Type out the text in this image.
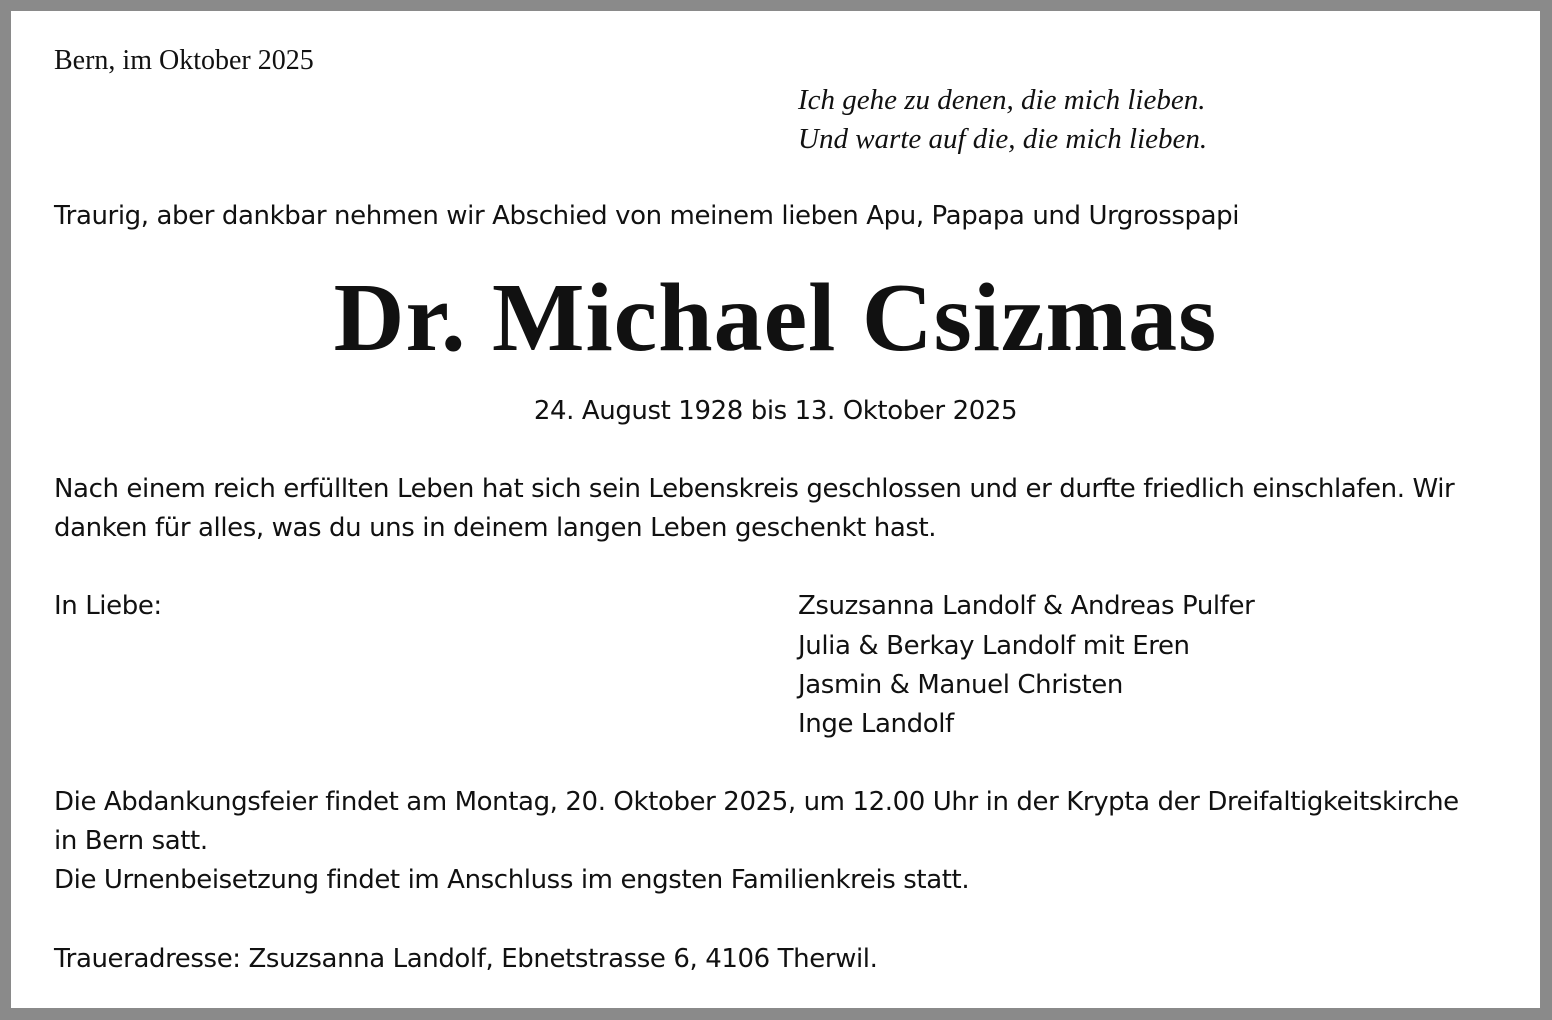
Bern, im Oktober 2025

Ich gehe zu denen, die mich lieben.

Und warte auf die, die mich lieben.

Traurig, aber dankbar nehmen wir Abschied von meinem lieben Apu, Papapa und Urgrosspapi

Dr. Michael Csizmas

24. August 1928 bis 13. Oktober 2025

Nach einem reich erfüllten Leben hat sich sein Lebenskreis geschlossen und er durfte friedlich einschlafen. Wir

danken für alles, was du uns in deinem langen Leben geschenkt hast.

In Liebe:	Zsuzsanna Landolf & Andreas Pulfer

Julia & Berkay Landolf mit Eren

Jasmin & Manuel Christen

Inge Landolf

Die Abdankungsfeier findet am Montag, 20. Oktober 2025, um 12.00 Uhr in der Krypta der Dreifaltigkeitskirche

in Bern satt.

Die Urnenbeisetzung findet im Anschluss im engsten Familienkreis statt.

Traueradresse: Zsuzsanna Landolf, Ebnetstrasse 6, 4106 Therwil.
